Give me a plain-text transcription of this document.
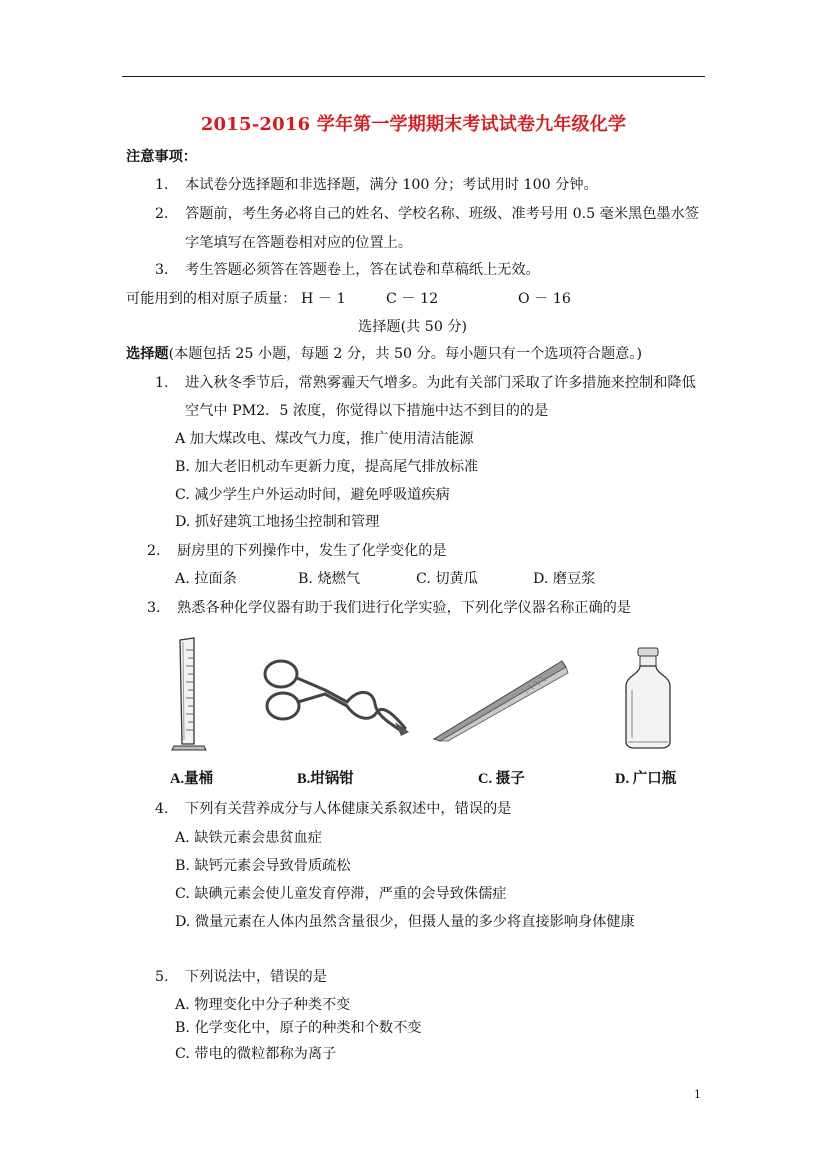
2015-2016 学年第一学期期末考试试卷九年级化学
注意事项：
1． 本试卷分选择题和非选择题，满分 100 分；考试用时 100 分钟。
2． 答题前，考生务必将自己的姓名、学校名称、班级、准考号用 0.5 毫米黑色墨水签
字笔填写在答题卷相对应的位置上。
3． 考生答题必须答在答题卷上，答在试卷和草稿纸上无效。
可能用到的相对原子质量： H － 1	C － 12	O － 16
选择题(共 50 分)
选择题(本题包括 25 小题，每题 2 分，共 50 分。每小题只有一个选项符合题意。)
1. 进入秋冬季节后，常熟雾霾天气增多。为此有关部门采取了许多措施来控制和降低
空气中 PM2．5 浓度，你觉得以下措施中达不到目的的是
A 加大煤改电、煤改气力度，推广使用清洁能源
B. 加大老旧机动车更新力度，提高尾气排放标准
C. 减少学生户外运动时间，避免呼吸道疾病
D. 抓好建筑工地扬尘控制和管理
2. 厨房里的下列操作中，发生了化学变化的是
A. 拉面条	B. 烧燃气	C. 切黄瓜	D. 磨豆浆
3. 熟悉各种化学仪器有助于我们进行化学实验，下列化学仪器名称正确的是
A.量桶	B.坩锅钳	C. 摄子	D. 广口瓶
4. 下列有关营养成分与人体健康关系叙述中，错误的是
A. 缺铁元素会患贫血症
B. 缺钙元素会导致骨质疏松
C. 缺碘元素会使儿童发育停滞，严重的会导致侏儒症
D. 微量元素在人体内虽然含量很少，但摄人量的多少将直接影响身体健康
5. 下列说法中，错误的是
A. 物理变化中分子种类不变
B. 化学变化中，原子的种类和个数不变
C. 带电的微粒都称为离子
1
